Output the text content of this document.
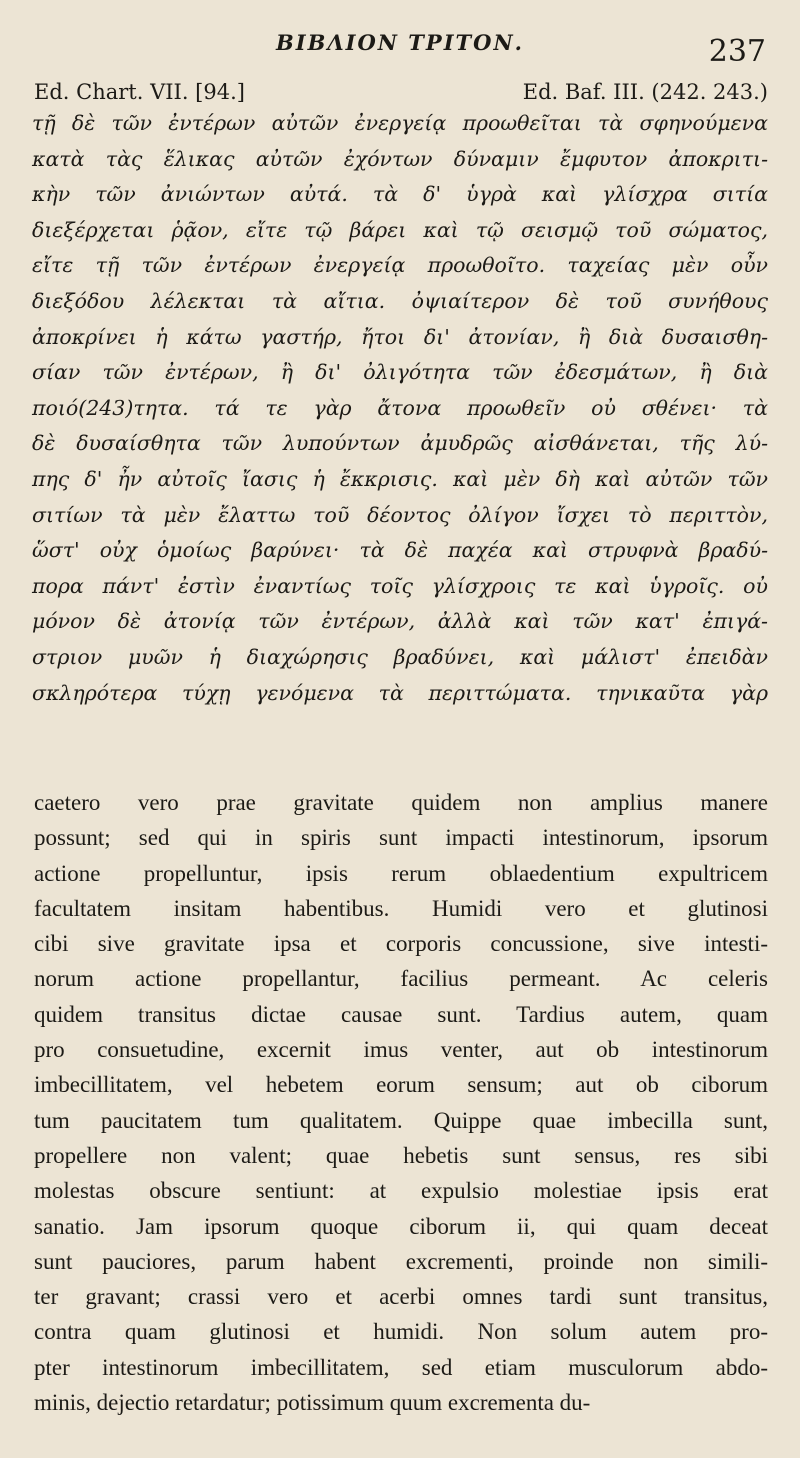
ΒΙΒΛΙΟΝ ΤΡΙΤΟΝ.	237
Ed. Chart. VII. [94.]	Ed. Baf. III. (242. 243.)
τῇ δὲ τῶν ἐντέρων αὐτῶν ἐνεργείᾳ προωθεῖται τὰ σφηνούμενα
κατὰ τὰς ἕλικας αὐτῶν ἐχόντων δύναμιν ἔμφυτον ἀποκριτι-
κὴν τῶν ἀνιώντων αὐτά. τὰ δ' ὑγρὰ καὶ γλίσχρα σιτία
διεξέρχεται ῥᾷον, εἴτε τῷ βάρει καὶ τῷ σεισμῷ τοῦ σώματος,
εἴτε τῇ τῶν ἐντέρων ἐνεργείᾳ προωθοῖτο. ταχείας μὲν οὖν
διεξόδου λέλεκται τὰ αἴτια. ὀψιαίτερον δὲ τοῦ συνήθους
ἀποκρίνει ἡ κάτω γαστήρ, ἤτοι δι' ἀτονίαν, ἢ διὰ δυσαισθη-
σίαν τῶν ἐντέρων, ἢ δι' ὀλιγότητα τῶν ἐδεσμάτων, ἢ διὰ
ποιό(243)τητα. τά τε γὰρ ἄτονα προωθεῖν οὐ σθένει· τὰ
δὲ δυσαίσθητα τῶν λυπούντων ἀμυδρῶς αἰσθάνεται, τῆς λύ-
πης δ' ἦν αὐτοῖς ἴασις ἡ ἔκκρισις. καὶ μὲν δὴ καὶ αὐτῶν τῶν
σιτίων τὰ μὲν ἔλαττω τοῦ δέοντος ὀλίγον ἴσχει τὸ περιττὸν,
ὥστ' οὐχ ὁμοίως βαρύνει· τὰ δὲ παχέα καὶ στρυφνὰ βραδύ-
πορα πάντ' ἐστὶν ἐναντίως τοῖς γλίσχροις τε καὶ ὑγροῖς. οὐ
μόνον δὲ ἀτονίᾳ τῶν ἐντέρων, ἀλλὰ καὶ τῶν κατ' ἐπιγά-
στριον μυῶν ἡ διαχώρησις βραδύνει, καὶ μάλιστ' ἐπειδὰν
σκληρότερα τύχῃ γενόμενα τὰ περιττώματα. τηνικαῦτα γὰρ
caetero vero prae gravitate quidem non amplius manere
possunt; sed qui in spiris sunt impacti intestinorum, ipsorum
actione propelluntur, ipsis rerum oblaedentium expultricem
facultatem insitam habentibus. Humidi vero et glutinosi
cibi sive gravitate ipsa et corporis concussione, sive intesti-
norum actione propellantur, facilius permeant. Ac celeris
quidem transitus dictae causae sunt. Tardius autem, quam
pro consuetudine, excernit imus venter, aut ob intestinorum
imbecillitatem, vel hebetem eorum sensum; aut ob ciborum
tum paucitatem tum qualitatem. Quippe quae imbecilla sunt,
propellere non valent; quae hebetis sunt sensus, res sibi
molestas obscure sentiunt: at expulsio molestiae ipsis erat
sanatio. Jam ipsorum quoque ciborum ii, qui quam deceat
sunt pauciores, parum habent excrementi, proinde non simili-
ter gravant; crassi vero et acerbi omnes tardi sunt transitus,
contra quam glutinosi et humidi. Non solum autem pro-
pter intestinorum imbecillitatem, sed etiam musculorum abdo-
minis, dejectio retardatur; potissimum quum excrementa du-
